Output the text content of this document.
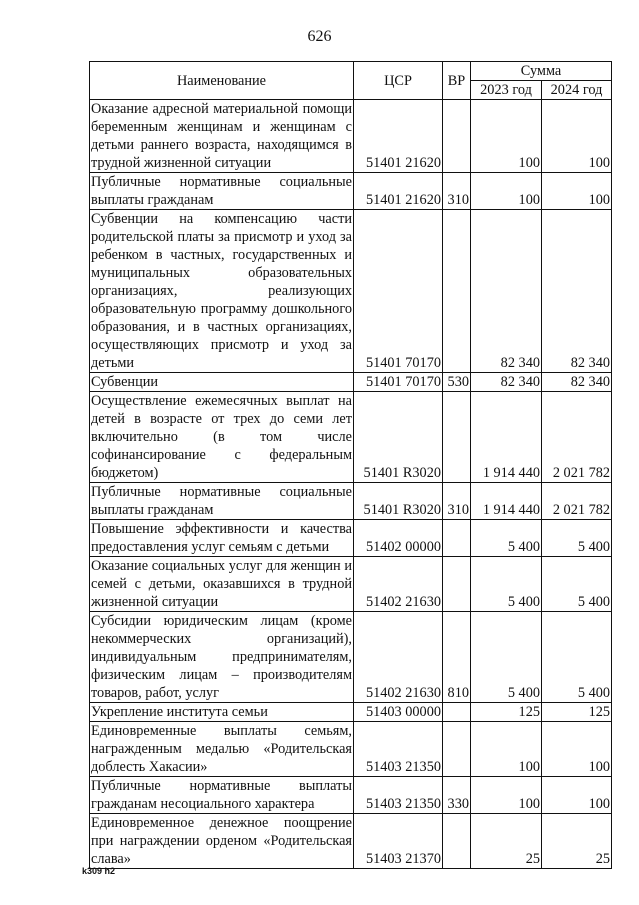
626
Наименование	ЦСР	ВР	Сумма	
			2023 год	2024 год

Оказание адресной материальной помощи беременным женщинам и женщинам с детьми раннего возраста, находящимся в трудной жизненной ситуации	51401 21620		100	100
Публичные нормативные социальные выплаты гражданам	51401 21620	310	100	100
Субвенции на компенсацию части родительской платы за присмотр и уход за ребенком в частных, государственных и муниципальных образовательных организациях, реализующих образовательную программу дошкольного образования, и в частных организациях, осуществляющих присмотр и уход за детьми	51401 70170		82 340	82 340
Субвенции	51401 70170	530	82 340	82 340
Осуществление ежемесячных выплат на детей в возрасте от трех до семи лет включительно (в том числе софинансирование с федеральным бюджетом)	51401 R3020		1 914 440	2 021 782
Публичные нормативные социальные выплаты гражданам	51401 R3020	310	1 914 440	2 021 782
Повышение эффективности и качества предоставления услуг семьям с детьми	51402 00000		5 400	5 400
Оказание социальных услуг для женщин и семей с детьми, оказавшихся в трудной жизненной ситуации	51402 21630		5 400	5 400
Субсидии юридическим лицам (кроме некоммерческих организаций), индивидуальным предпринимателям, физическим лицам – производителям товаров, работ, услуг	51402 21630	810	5 400	5 400
Укрепление института семьи	51403 00000		125	125
Единовременные выплаты семьям, награжденным медалью «Родительская доблесть Хакасии»	51403 21350		100	100
Публичные нормативные выплаты гражданам несоциального характера	51403 21350	330	100	100
Единовременное денежное поощрение при награждении орденом «Родительская слава»	51403 21370		25	25
k309 h2
